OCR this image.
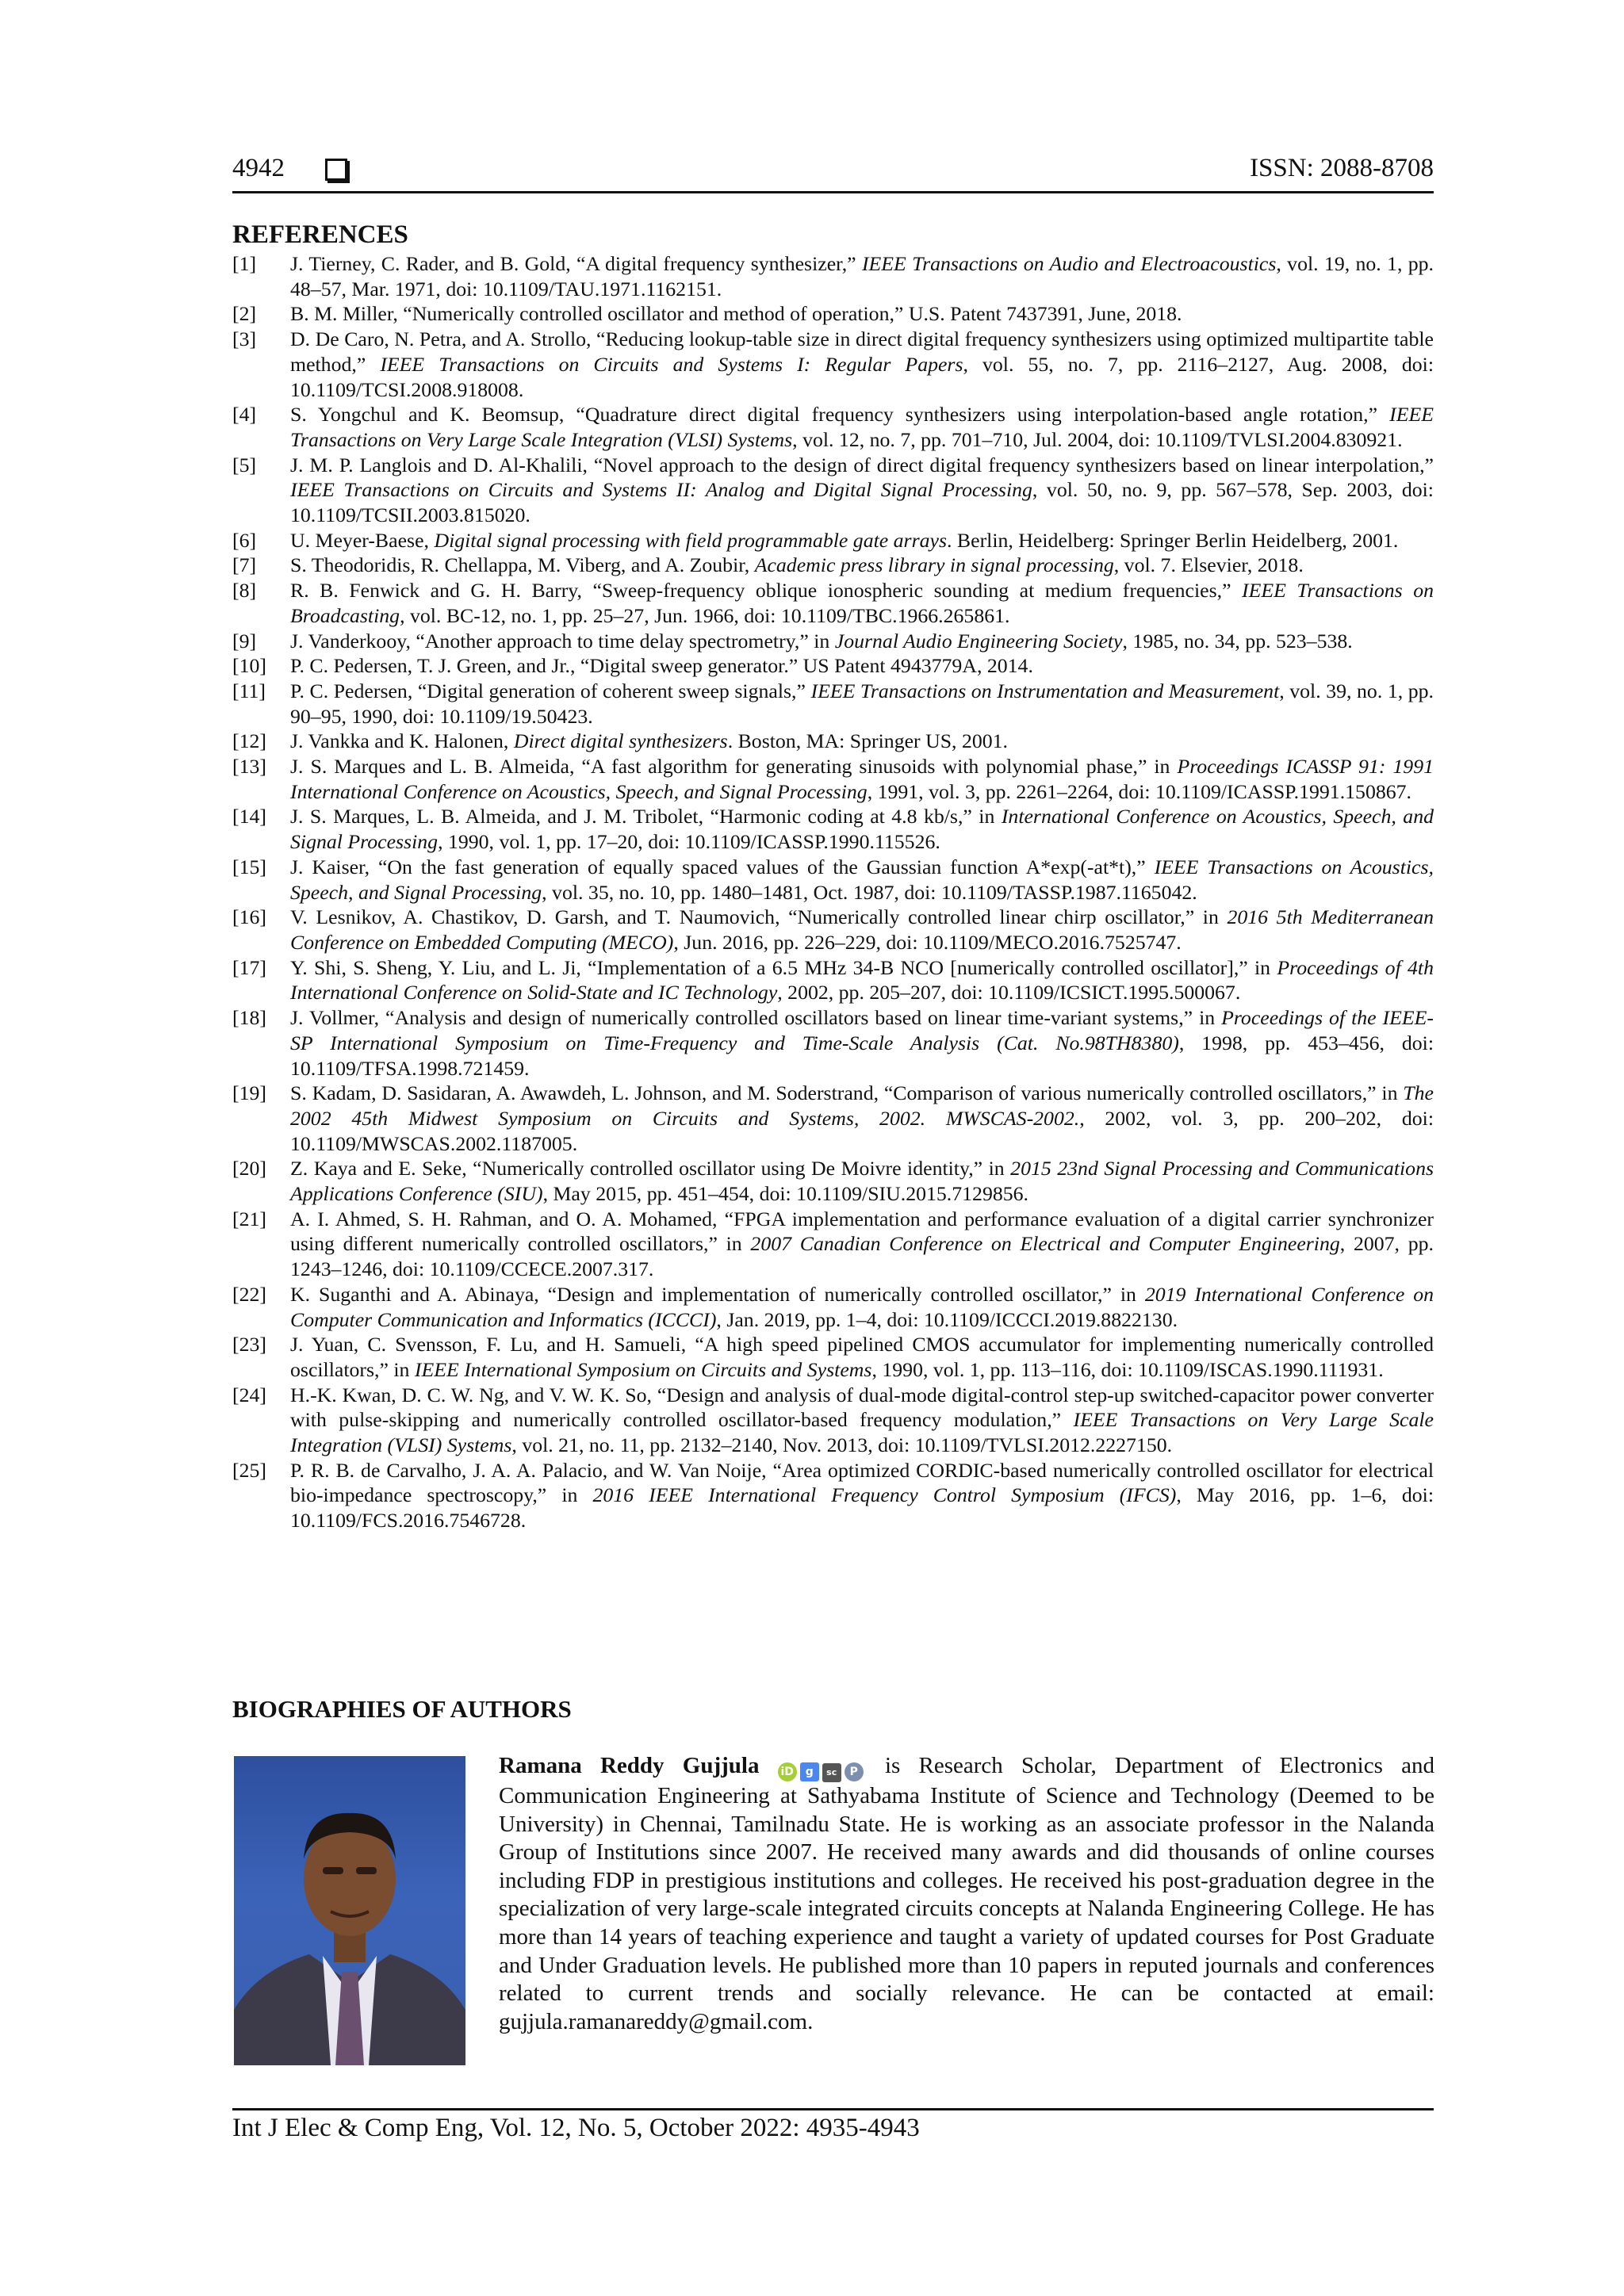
4942	ISSN: 2088-8708
REFERENCES
[1]	J. Tierney, C. Rader, and B. Gold, “A digital frequency synthesizer,” IEEE Transactions on Audio and Electroacoustics, vol. 19, no. 1, pp. 48–57, Mar. 1971, doi: 10.1109/TAU.1971.1162151.
[2]	B. M. Miller, “Numerically controlled oscillator and method of operation,” U.S. Patent 7437391, June, 2018.
[3]	D. De Caro, N. Petra, and A. Strollo, “Reducing lookup-table size in direct digital frequency synthesizers using optimized multipartite table method,” IEEE Transactions on Circuits and Systems I: Regular Papers, vol. 55, no. 7, pp. 2116–2127, Aug. 2008, doi: 10.1109/TCSI.2008.918008.
[4]	S. Yongchul and K. Beomsup, “Quadrature direct digital frequency synthesizers using interpolation-based angle rotation,” IEEE Transactions on Very Large Scale Integration (VLSI) Systems, vol. 12, no. 7, pp. 701–710, Jul. 2004, doi: 10.1109/TVLSI.2004.830921.
[5]	J. M. P. Langlois and D. Al-Khalili, “Novel approach to the design of direct digital frequency synthesizers based on linear interpolation,” IEEE Transactions on Circuits and Systems II: Analog and Digital Signal Processing, vol. 50, no. 9, pp. 567–578, Sep. 2003, doi: 10.1109/TCSII.2003.815020.
[6]	U. Meyer-Baese, Digital signal processing with field programmable gate arrays. Berlin, Heidelberg: Springer Berlin Heidelberg, 2001.
[7]	S. Theodoridis, R. Chellappa, M. Viberg, and A. Zoubir, Academic press library in signal processing, vol. 7. Elsevier, 2018.
[8]	R. B. Fenwick and G. H. Barry, “Sweep-frequency oblique ionospheric sounding at medium frequencies,” IEEE Transactions on Broadcasting, vol. BC-12, no. 1, pp. 25–27, Jun. 1966, doi: 10.1109/TBC.1966.265861.
[9]	J. Vanderkooy, “Another approach to time delay spectrometry,” in Journal Audio Engineering Society, 1985, no. 34, pp. 523–538.
[10]	P. C. Pedersen, T. J. Green, and Jr., “Digital sweep generator.” US Patent 4943779A, 2014.
[11]	P. C. Pedersen, “Digital generation of coherent sweep signals,” IEEE Transactions on Instrumentation and Measurement, vol. 39, no. 1, pp. 90–95, 1990, doi: 10.1109/19.50423.
[12]	J. Vankka and K. Halonen, Direct digital synthesizers. Boston, MA: Springer US, 2001.
[13]	J. S. Marques and L. B. Almeida, “A fast algorithm for generating sinusoids with polynomial phase,” in Proceedings ICASSP 91: 1991 International Conference on Acoustics, Speech, and Signal Processing, 1991, vol. 3, pp. 2261–2264, doi: 10.1109/ICASSP.1991.150867.
[14]	J. S. Marques, L. B. Almeida, and J. M. Tribolet, “Harmonic coding at 4.8 kb/s,” in International Conference on Acoustics, Speech, and Signal Processing, 1990, vol. 1, pp. 17–20, doi: 10.1109/ICASSP.1990.115526.
[15]	J. Kaiser, “On the fast generation of equally spaced values of the Gaussian function A*exp(-at*t),” IEEE Transactions on Acoustics, Speech, and Signal Processing, vol. 35, no. 10, pp. 1480–1481, Oct. 1987, doi: 10.1109/TASSP.1987.1165042.
[16]	V. Lesnikov, A. Chastikov, D. Garsh, and T. Naumovich, “Numerically controlled linear chirp oscillator,” in 2016 5th Mediterranean Conference on Embedded Computing (MECO), Jun. 2016, pp. 226–229, doi: 10.1109/MECO.2016.7525747.
[17]	Y. Shi, S. Sheng, Y. Liu, and L. Ji, “Implementation of a 6.5 MHz 34-B NCO [numerically controlled oscillator],” in Proceedings of 4th International Conference on Solid-State and IC Technology, 2002, pp. 205–207, doi: 10.1109/ICSICT.1995.500067.
[18]	J. Vollmer, “Analysis and design of numerically controlled oscillators based on linear time-variant systems,” in Proceedings of the IEEE-SP International Symposium on Time-Frequency and Time-Scale Analysis (Cat. No.98TH8380), 1998, pp. 453–456, doi: 10.1109/TFSA.1998.721459.
[19]	S. Kadam, D. Sasidaran, A. Awawdeh, L. Johnson, and M. Soderstrand, “Comparison of various numerically controlled oscillators,” in The 2002 45th Midwest Symposium on Circuits and Systems, 2002. MWSCAS-2002., 2002, vol. 3, pp. 200–202, doi: 10.1109/MWSCAS.2002.1187005.
[20]	Z. Kaya and E. Seke, “Numerically controlled oscillator using De Moivre identity,” in 2015 23nd Signal Processing and Communications Applications Conference (SIU), May 2015, pp. 451–454, doi: 10.1109/SIU.2015.7129856.
[21]	A. I. Ahmed, S. H. Rahman, and O. A. Mohamed, “FPGA implementation and performance evaluation of a digital carrier synchronizer using different numerically controlled oscillators,” in 2007 Canadian Conference on Electrical and Computer Engineering, 2007, pp. 1243–1246, doi: 10.1109/CCECE.2007.317.
[22]	K. Suganthi and A. Abinaya, “Design and implementation of numerically controlled oscillator,” in 2019 International Conference on Computer Communication and Informatics (ICCCI), Jan. 2019, pp. 1–4, doi: 10.1109/ICCCI.2019.8822130.
[23]	J. Yuan, C. Svensson, F. Lu, and H. Samueli, “A high speed pipelined CMOS accumulator for implementing numerically controlled oscillators,” in IEEE International Symposium on Circuits and Systems, 1990, vol. 1, pp. 113–116, doi: 10.1109/ISCAS.1990.111931.
[24]	H.-K. Kwan, D. C. W. Ng, and V. W. K. So, “Design and analysis of dual-mode digital-control step-up switched-capacitor power converter with pulse-skipping and numerically controlled oscillator-based frequency modulation,” IEEE Transactions on Very Large Scale Integration (VLSI) Systems, vol. 21, no. 11, pp. 2132–2140, Nov. 2013, doi: 10.1109/TVLSI.2012.2227150.
[25]	P. R. B. de Carvalho, J. A. A. Palacio, and W. Van Noije, “Area optimized CORDIC-based numerically controlled oscillator for electrical bio-impedance spectroscopy,” in 2016 IEEE International Frequency Control Symposium (IFCS), May 2016, pp. 1–6, doi: 10.1109/FCS.2016.7546728.
BIOGRAPHIES OF AUTHORS
Ramana Reddy Gujjula iD g sc P is Research Scholar, Department of Electronics and Communication Engineering at Sathyabama Institute of Science and Technology (Deemed to be University) in Chennai, Tamilnadu State. He is working as an associate professor in the Nalanda Group of Institutions since 2007. He received many awards and did thousands of online courses including FDP in prestigious institutions and colleges. He received his post-graduation degree in the specialization of very large-scale integrated circuits concepts at Nalanda Engineering College. He has more than 14 years of teaching experience and taught a variety of updated courses for Post Graduate and Under Graduation levels. He published more than 10 papers in reputed journals and conferences related to current trends and socially relevance. He can be contacted at email: gujjula.ramanareddy@gmail.com.
Int J Elec & Comp Eng, Vol. 12, No. 5, October 2022: 4935-4943
